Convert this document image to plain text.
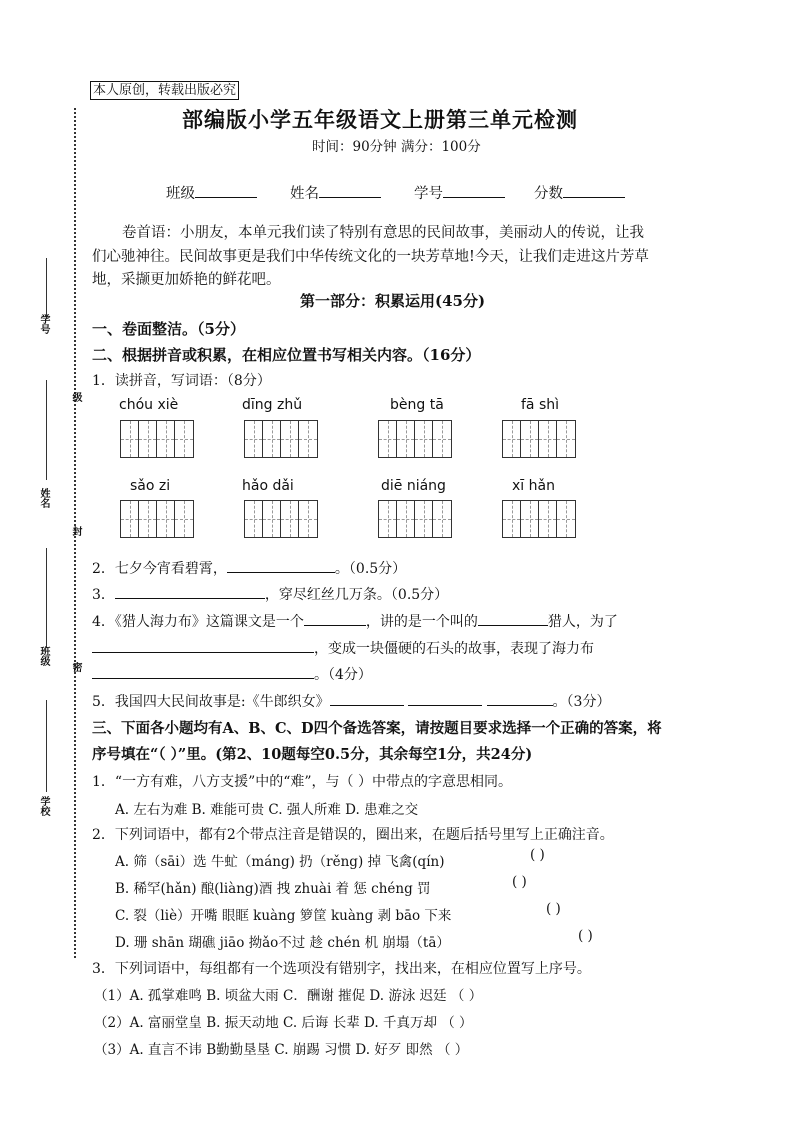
学号
姓名
班级
学校
级
封
密
本人原创，转载出版必究
部编版小学五年级语文上册第三单元检测
时间：90分钟 满分：100分
班级	姓名	学号	分数
卷首语：小朋友，本单元我们读了特别有意思的民间故事，美丽动人的传说，让我
们心驰神往。民间故事更是我们中华传统文化的一块芳草地!今天，让我们走进这片芳草
地，采撷更加娇艳的鲜花吧。
第一部分：积累运用(45分)
一、卷面整洁。（5分）
二、根据拼音或积累，在相应位置书写相关内容。（16分）
1．读拼音，写词语：（8分）
chóu xiè	dīng zhǔ	bèng tā	fā shì
sǎo zi	hǎo dǎi	diē niáng	xī hǎn
2．七夕今宵看碧霄，	。（0.5分）
3．	，穿尽红丝几万条。（0.5分）
4．《猎人海力布》这篇课文是一个	，讲的是一个叫的	猎人，为了
，变成一块僵硬的石头的故事，表现了海力布
。（4分）
5．我国四大民间故事是:《牛郎织女》	。（3分）
三、下面各小题均有A、B、C、D四个备选答案，请按题目要求选择一个正确的答案，将
序号填在“（ ）”里。(第2、10题每空0.5分，其余每空1分，共24分)
1．“一方有难，八方支援”中的“难”，与（ ）中带点的字意思相同。
A. 左右为难 B. 难能可贵 C. 强人所难 D. 患难之交
2．下列词语中，都有2个带点注音是错误的，圈出来，在题后括号里写上正确注音。
A. 筛（sāi）选 牛虻（máng) 扔（rěng) 掉 飞禽(qín)	( )
B. 稀罕(hǎn) 酿(liàng)酒 拽 zhuài 着 惩 chéng 罚	( )
C. 裂（liè）开嘴 眼眶 kuàng 箩筐 kuàng 剥 bāo 下来	( )
D. 珊 shān 瑚礁 jiāo 拗ǎo不过 趁 chén 机 崩塌（tā）	( )
3．下列词语中，每组都有一个选项没有错别字，找出来，在相应位置写上序号。
（1）A. 孤掌难鸣 B. 顷盆大雨 C．酬谢 摧促 D. 游泳 迟廷 （ ）
（2）A. 富丽堂皇 B. 振天动地 C. 后诲 长辈 D. 千真万却 （ ）
（3）A. 直言不讳 B勤勤垦垦 C. 崩踢 习惯 D. 好歹 即然 （ ）
